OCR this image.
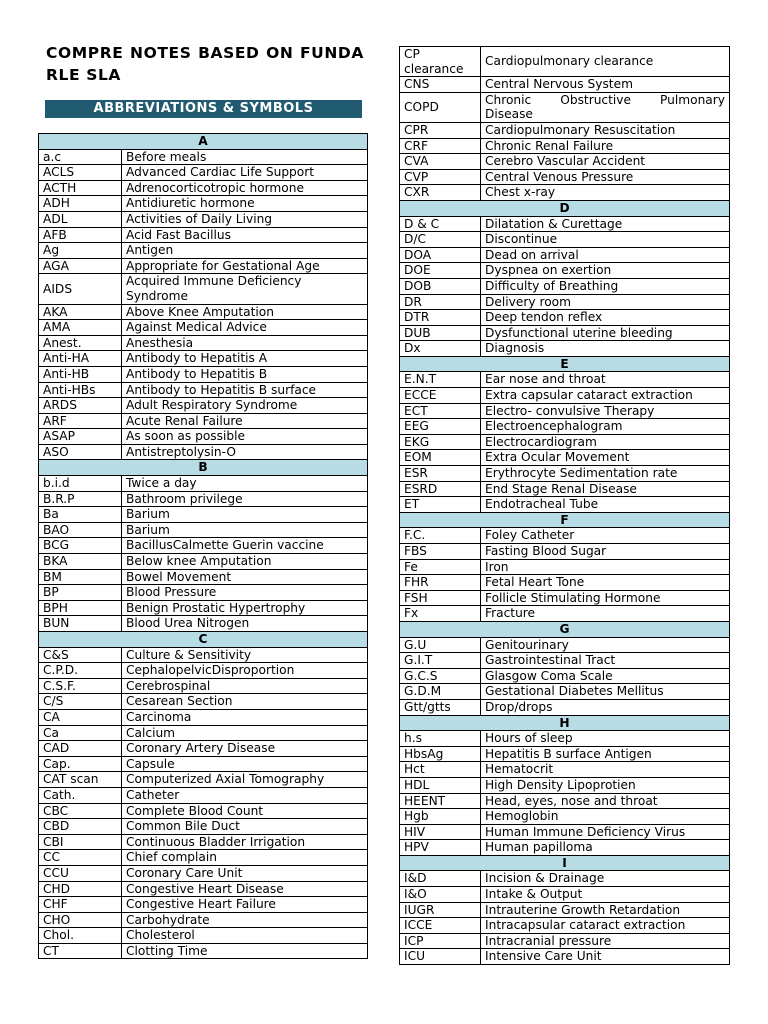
COMPRE NOTES BASED ON FUNDA RLE SLA
ABBREVIATIONS & SYMBOLS
A	
a.c	Before meals
ACLS	Advanced Cardiac Life Support
ACTH	Adrenocorticotropic hormone
ADH	Antidiuretic hormone
ADL	Activities of Daily Living
AFB	Acid Fast Bacillus
Ag	Antigen
AGA	Appropriate for Gestational Age
AIDS	Acquired Immune Deficiency Syndrome
AKA	Above Knee Amputation
AMA	Against Medical Advice
Anest.	Anesthesia
Anti-HA	Antibody to Hepatitis A
Anti-HB	Antibody to Hepatitis B
Anti-HBs	Antibody to Hepatitis B surface
ARDS	Adult Respiratory Syndrome
ARF	Acute Renal Failure
ASAP	As soon as possible
ASO	Antistreptolysin-O
B	
b.i.d	Twice a day
B.R.P	Bathroom privilege
Ba	Barium
BAO	Barium
BCG	BacillusCalmette Guerin vaccine
BKA	Below knee Amputation
BM	Bowel Movement
BP	Blood Pressure
BPH	Benign Prostatic Hypertrophy
BUN	Blood Urea Nitrogen
C	
C&S	Culture & Sensitivity
C.P.D.	CephalopelvicDisproportion
C.S.F.	Cerebrospinal
C/S	Cesarean Section
CA	Carcinoma
Ca	Calcium
CAD	Coronary Artery Disease
Cap.	Capsule
CAT scan	Computerized Axial Tomography
Cath.	Catheter
CBC	Complete Blood Count
CBD	Common Bile Duct
CBI	Continuous Bladder Irrigation
CC	Chief complain
CCU	Coronary Care Unit
CHD	Congestive Heart Disease
CHF	Congestive Heart Failure
CHO	Carbohydrate
Chol.	Cholesterol
CT	Clotting Time
CP clearance	Cardiopulmonary clearance
CNS	Central Nervous System
COPD	Chronic Obstructive Pulmonary Disease
CPR	Cardiopulmonary Resuscitation
CRF	Chronic Renal Failure
CVA	Cerebro Vascular Accident
CVP	Central Venous Pressure
CXR	Chest x-ray
D	
D & C	Dilatation & Curettage
D/C	Discontinue
DOA	Dead on arrival
DOE	Dyspnea on exertion
DOB	Difficulty of Breathing
DR	Delivery room
DTR	Deep tendon reflex
DUB	Dysfunctional uterine bleeding
Dx	Diagnosis
E	
E.N.T	Ear nose and throat
ECCE	Extra capsular cataract extraction
ECT	Electro- convulsive Therapy
EEG	Electroencephalogram
EKG	Electrocardiogram
EOM	Extra Ocular Movement
ESR	Erythrocyte Sedimentation rate
ESRD	End Stage Renal Disease
ET	Endotracheal Tube
F	
F.C.	Foley Catheter
FBS	Fasting Blood Sugar
Fe	Iron
FHR	Fetal Heart Tone
FSH	Follicle Stimulating Hormone
Fx	Fracture
G	
G.U	Genitourinary
G.I.T	Gastrointestinal Tract
G.C.S	Glasgow Coma Scale
G.D.M	Gestational Diabetes Mellitus
Gtt/gtts	Drop/drops
H	
h.s	Hours of sleep
HbsAg	Hepatitis B surface Antigen
Hct	Hematocrit
HDL	High Density Lipoprotien
HEENT	Head, eyes, nose and throat
Hgb	Hemoglobin
HIV	Human Immune Deficiency Virus
HPV	Human papilloma
I	
I&D	Incision & Drainage
I&O	Intake & Output
IUGR	Intrauterine Growth Retardation
ICCE	Intracapsular cataract extraction
ICP	Intracranial pressure
ICU	Intensive Care Unit
